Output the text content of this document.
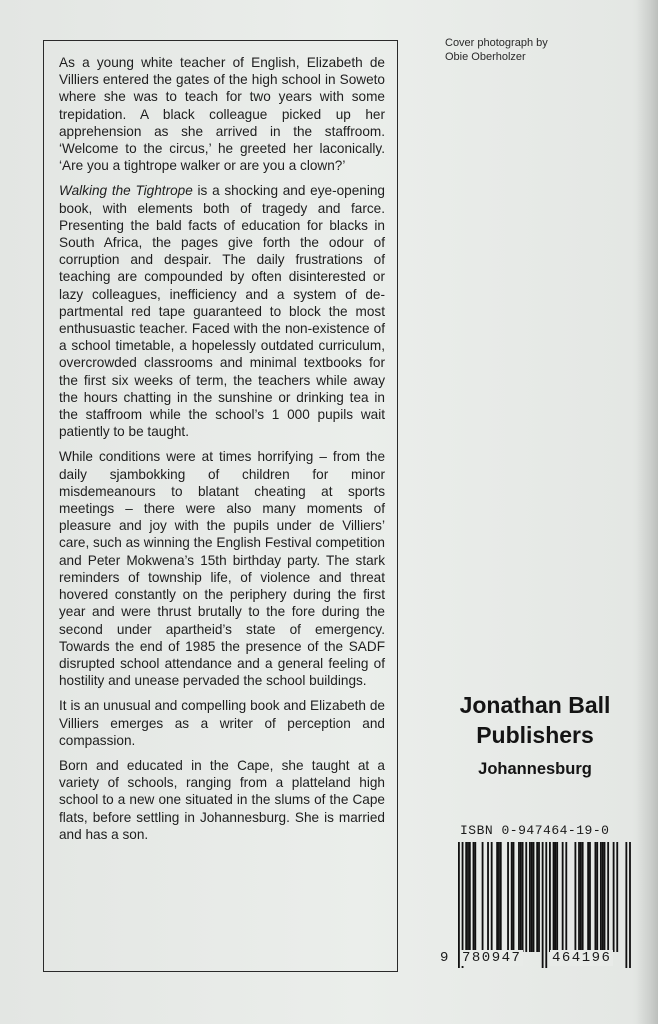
As a young white teacher of English, Elizabeth de Villiers entered the gates of the high school in Soweto where she was to teach for two years with some trepidation. A black colleague picked up her apprehension as she arrived in the staffroom. ‘Welcome to the circus,’ he greeted her laconically. ‘Are you a tightrope walker or are you a clown?’

Walking the Tightrope is a shocking and eye-opening book, with elements both of tragedy and farce. Presenting the bald facts of education for blacks in South Africa, the pages give forth the odour of corruption and despair. The daily frustrations of teaching are compounded by often disinterested or lazy colleagues, inefficiency and a system of departmental red tape guaranteed to block the most enthusuastic teacher. Faced with the non-existence of a school timetable, a hopelessly outdated curriculum, overcrowded classrooms and minimal textbooks for the first six weeks of term, the teachers while away the hours chatting in the sunshine or drinking tea in the staffroom while the school’s 1 000 pupils wait patiently to be taught.

While conditions were at times horrifying – from the daily sjambokking of children for minor misdemeanours to blatant cheating at sports meetings – there were also many moments of pleasure and joy with the pupils under de Villiers’ care, such as winning the English Festival competition and Peter Mokwena’s 15th birthday party. The stark reminders of township life, of violence and threat hovered constantly on the periphery during the first year and were thrust brutally to the fore during the second under apartheid’s state of emergency. Towards the end of 1985 the presence of the SADF disrupted school attendance and a general feeling of hostility and unease pervaded the school buildings.

It is an unusual and compelling book and Elizabeth de Villiers emerges as a writer of perception and compassion.

Born and educated in the Cape, she taught at a variety of schools, ranging from a platteland high school to a new one situated in the slums of the Cape flats, before settling in Johannesburg. She is married and has a son.

Cover photograph by
Obie Oberholzer
Jonathan Ball
Publishers
Johannesburg
ISBN 0-947464-19-0
9 780947 464196
